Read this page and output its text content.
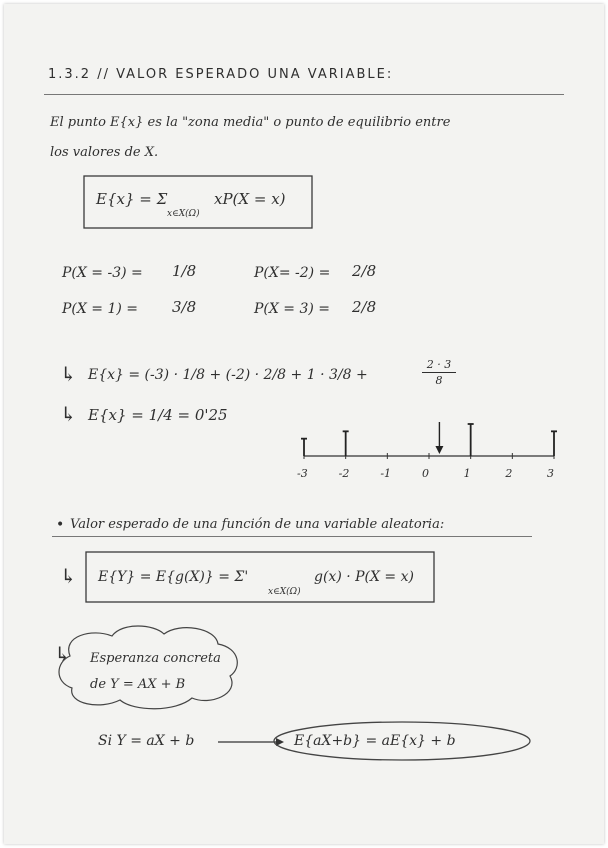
1.3.2 // VALOR ESPERADO UNA VARIABLE:
El punto E{x} es la "zona media" o punto de equilibrio entre
los valores de X.
E{x} = Σ	xP(X = x)
x∈X(Ω)
P(X = -3) = 1/8	P(X= -2) = 2/8
P(X = 1) = 3/8	P(X = 3) = 2/8
↳ E{x} = (-3) · 1/8 + (-2) · 2/8 + 1 · 3/8 +
2 · 3
8
↳ E{x} = 1/4 = 0'25
-3	-2	-1	0	1	2	3
• Valor esperado de una función de una variable aleatoria:
↳ E{Y} = E{g(X)} = Σ'	g(x) · P(X = x)
x∈X(Ω)
↳ Esperanza concreta
de Y = AX + B
Si Y = aX + b	E{aX+b} = aE{x} + b
